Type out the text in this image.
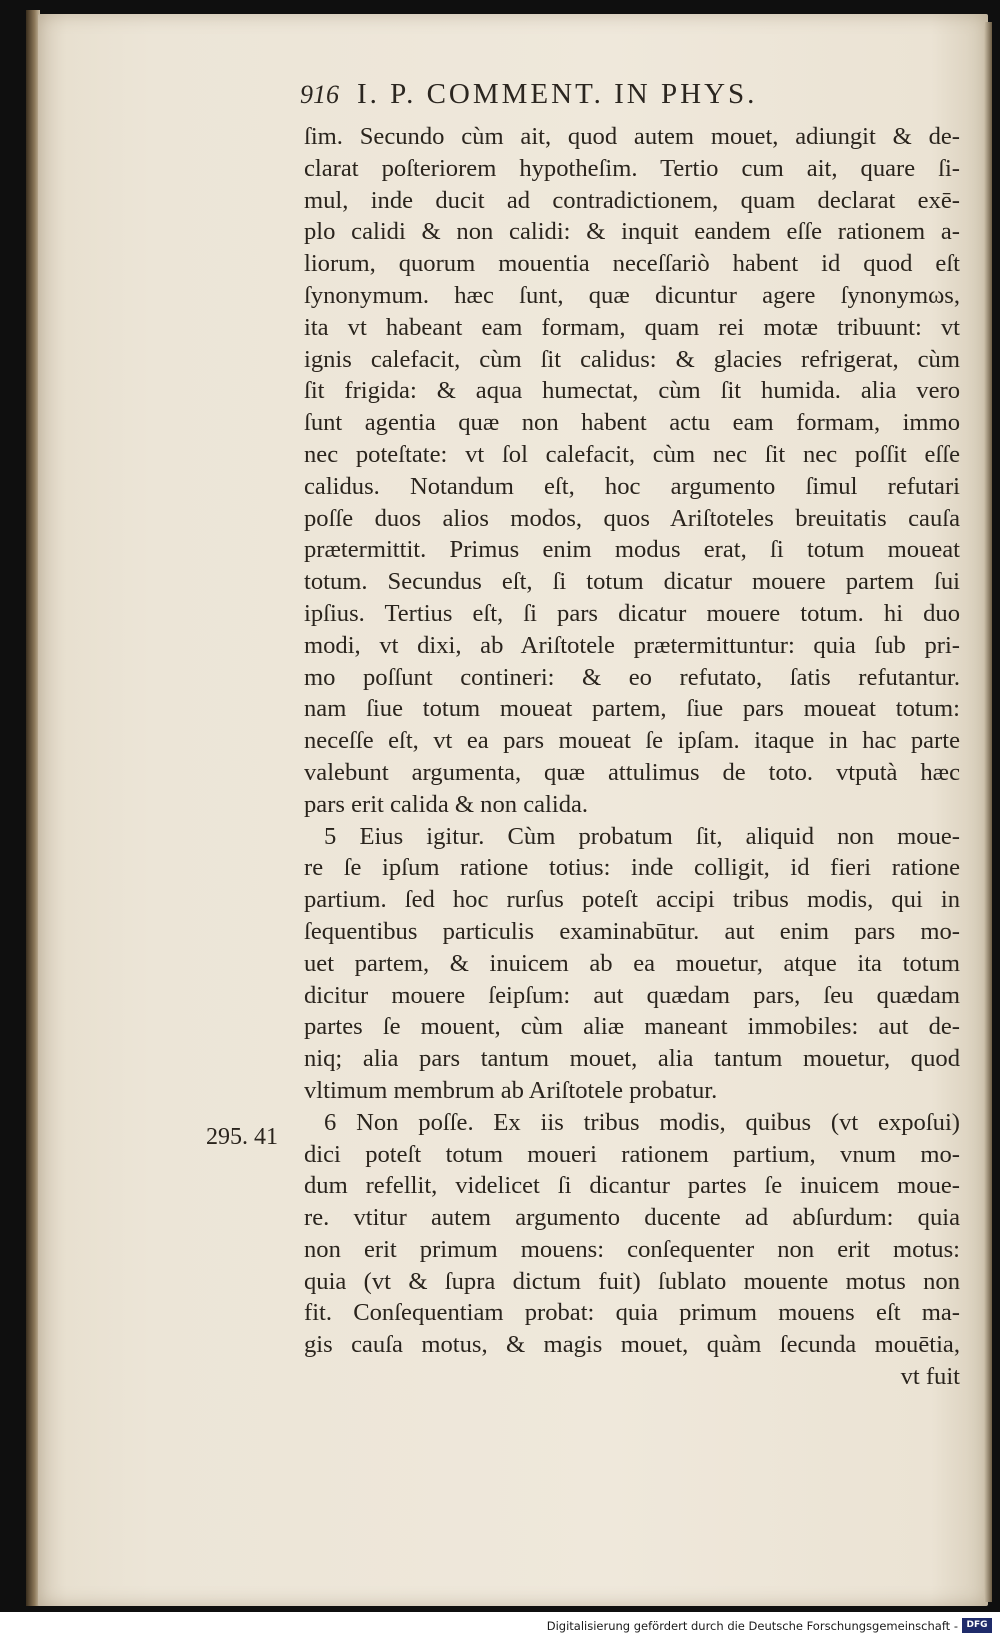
916 I. P. COMMENT. IN PHYS.
295. 41
ſim. Secundo cùm ait, quod autem mouet, adiungit & de-
clarat poſteriorem hypotheſim. Tertio cum ait, quare ſi-
mul, inde ducit ad contradictionem, quam declarat exē-
plo calidi & non calidi: & inquit eandem eſſe rationem a-
liorum, quorum mouentia neceſſariò habent id quod eſt
ſynonymum. hæc ſunt, quæ dicuntur agere ſynonymωs,
ita vt habeant eam formam, quam rei motæ tribuunt: vt
ignis calefacit, cùm ſit calidus: & glacies refrigerat, cùm
ſit frigida: & aqua humectat, cùm ſit humida. alia vero
ſunt agentia quæ non habent actu eam formam, immo
nec poteſtate: vt ſol calefacit, cùm nec ſit nec poſſit eſſe
calidus. Notandum eſt, hoc argumento ſimul refutari
poſſe duos alios modos, quos Ariſtoteles breuitatis cauſa
prætermittit. Primus enim modus erat, ſi totum moueat
totum. Secundus eſt, ſi totum dicatur mouere partem ſui
ipſius. Tertius eſt, ſi pars dicatur mouere totum. hi duo
modi, vt dixi, ab Ariſtotele prætermittuntur: quia ſub pri-
mo poſſunt contineri: & eo refutato, ſatis refutantur.
nam ſiue totum moueat partem, ſiue pars moueat totum:
neceſſe eſt, vt ea pars moueat ſe ipſam. itaque in hac parte
valebunt argumenta, quæ attulimus de toto. vtputà hæc
pars erit calida & non calida.
5 Eius igitur. Cùm probatum ſit, aliquid non moue-
re ſe ipſum ratione totius: inde colligit, id fieri ratione
partium. ſed hoc rurſus poteſt accipi tribus modis, qui in
ſequentibus particulis examinabūtur. aut enim pars mo-
uet partem, & inuicem ab ea mouetur, atque ita totum
dicitur mouere ſeipſum: aut quædam pars, ſeu quædam
partes ſe mouent, cùm aliæ maneant immobiles: aut de-
niq; alia pars tantum mouet, alia tantum mouetur, quod
vltimum membrum ab Ariſtotele probatur.
6 Non poſſe. Ex iis tribus modis, quibus (vt expoſui)
dici poteſt totum moueri rationem partium, vnum mo-
dum refellit, videlicet ſi dicantur partes ſe inuicem moue-
re. vtitur autem argumento ducente ad abſurdum: quia
non erit primum mouens: conſequenter non erit motus:
quia (vt & ſupra dictum fuit) ſublato mouente motus non
fit. Conſequentiam probat: quia primum mouens eſt ma-
gis cauſa motus, & magis mouet, quàm ſecunda mouētia,
vt fuit
Digitalisierung gefördert durch die Deutsche Forschungsgemeinschaft - DFG
